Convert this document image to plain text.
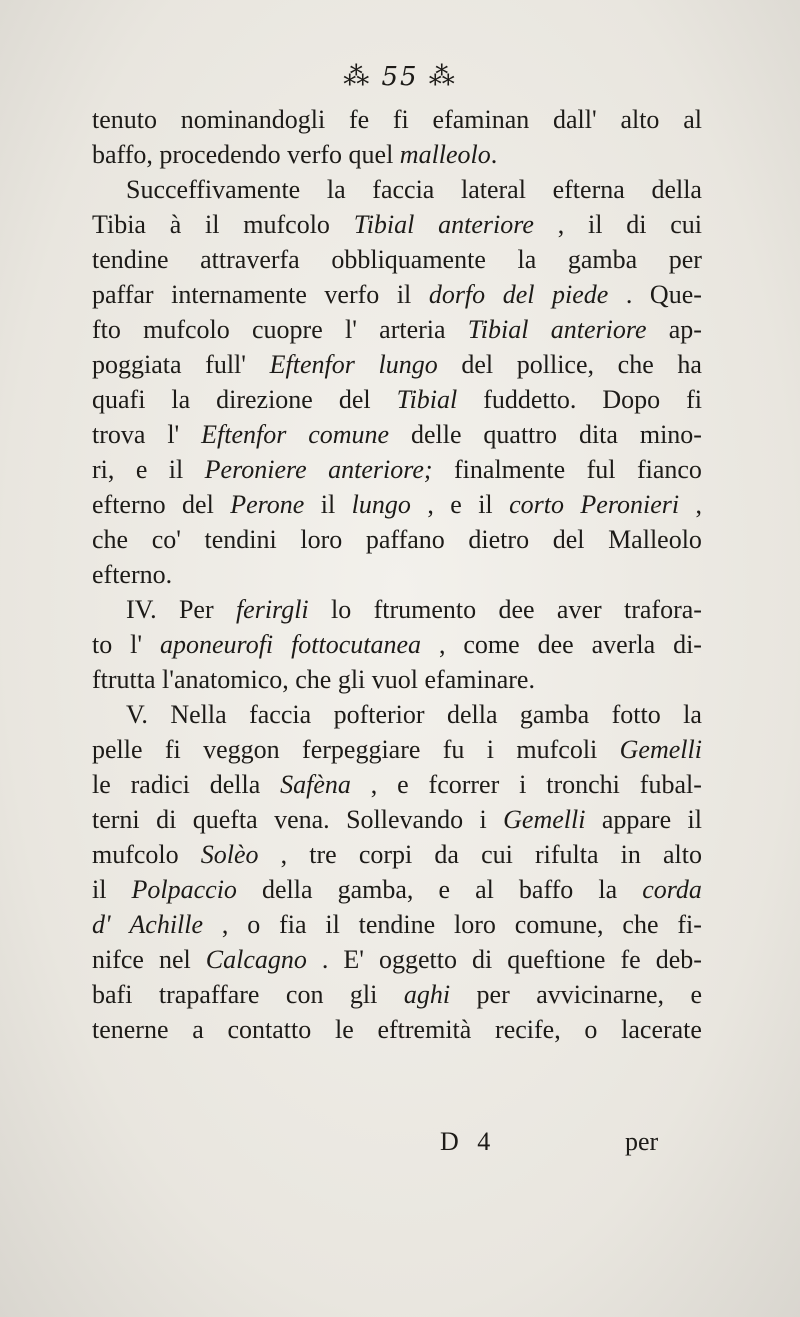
⁂ 55 ⁂
tenuto nominandogli fe fi efaminan dall' alto al
baffo,
procedendo
verfo
quel
malleolo .
Succeffivamente la faccia lateral efterna della
Tibia à il mufcolo Tibial anteriore , il di cui
tendine attraverfa obbliquamente la gamba per
paffar internamente verfo il dorfo del piede . Que-
fto mufcolo cuopre l' arteria Tibial anteriore ap-
poggiata full' Eftenfor lungo del pollice, che ha
quafi la direzione del Tibial fuddetto. Dopo fi
trova l' Eftenfor comune delle quattro dita mino-
ri, e il Peroniere anteriore; finalmente ful fianco
efterno del Perone il lungo , e il corto Peronieri ,
che co' tendini loro paffano dietro del Malleolo
efterno.
IV. Per ferirgli lo ftrumento dee aver trafora-
to l' aponeurofi fottocutanea , come dee averla di-
ftrutta
l'anatomico,
che
gli
vuol
efaminare.
V. Nella faccia pofterior della gamba fotto la
pelle fi veggon ferpeggiare fu i mufcoli Gemelli
le radici della Safèna , e fcorrer i tronchi fubal-
terni di quefta vena. Sollevando i Gemelli appare il
mufcolo Solèo , tre corpi da cui rifulta in alto
il Polpaccio della gamba, e al baffo la corda
d' Achille , o fia il tendine loro comune, che fi-
nifce nel Calcagno . E' oggetto di queftione fe deb-
bafi trapaffare con gli aghi per avvicinarne, e
tenerne a contatto le eftremità recife, o lacerate
D 4	per
